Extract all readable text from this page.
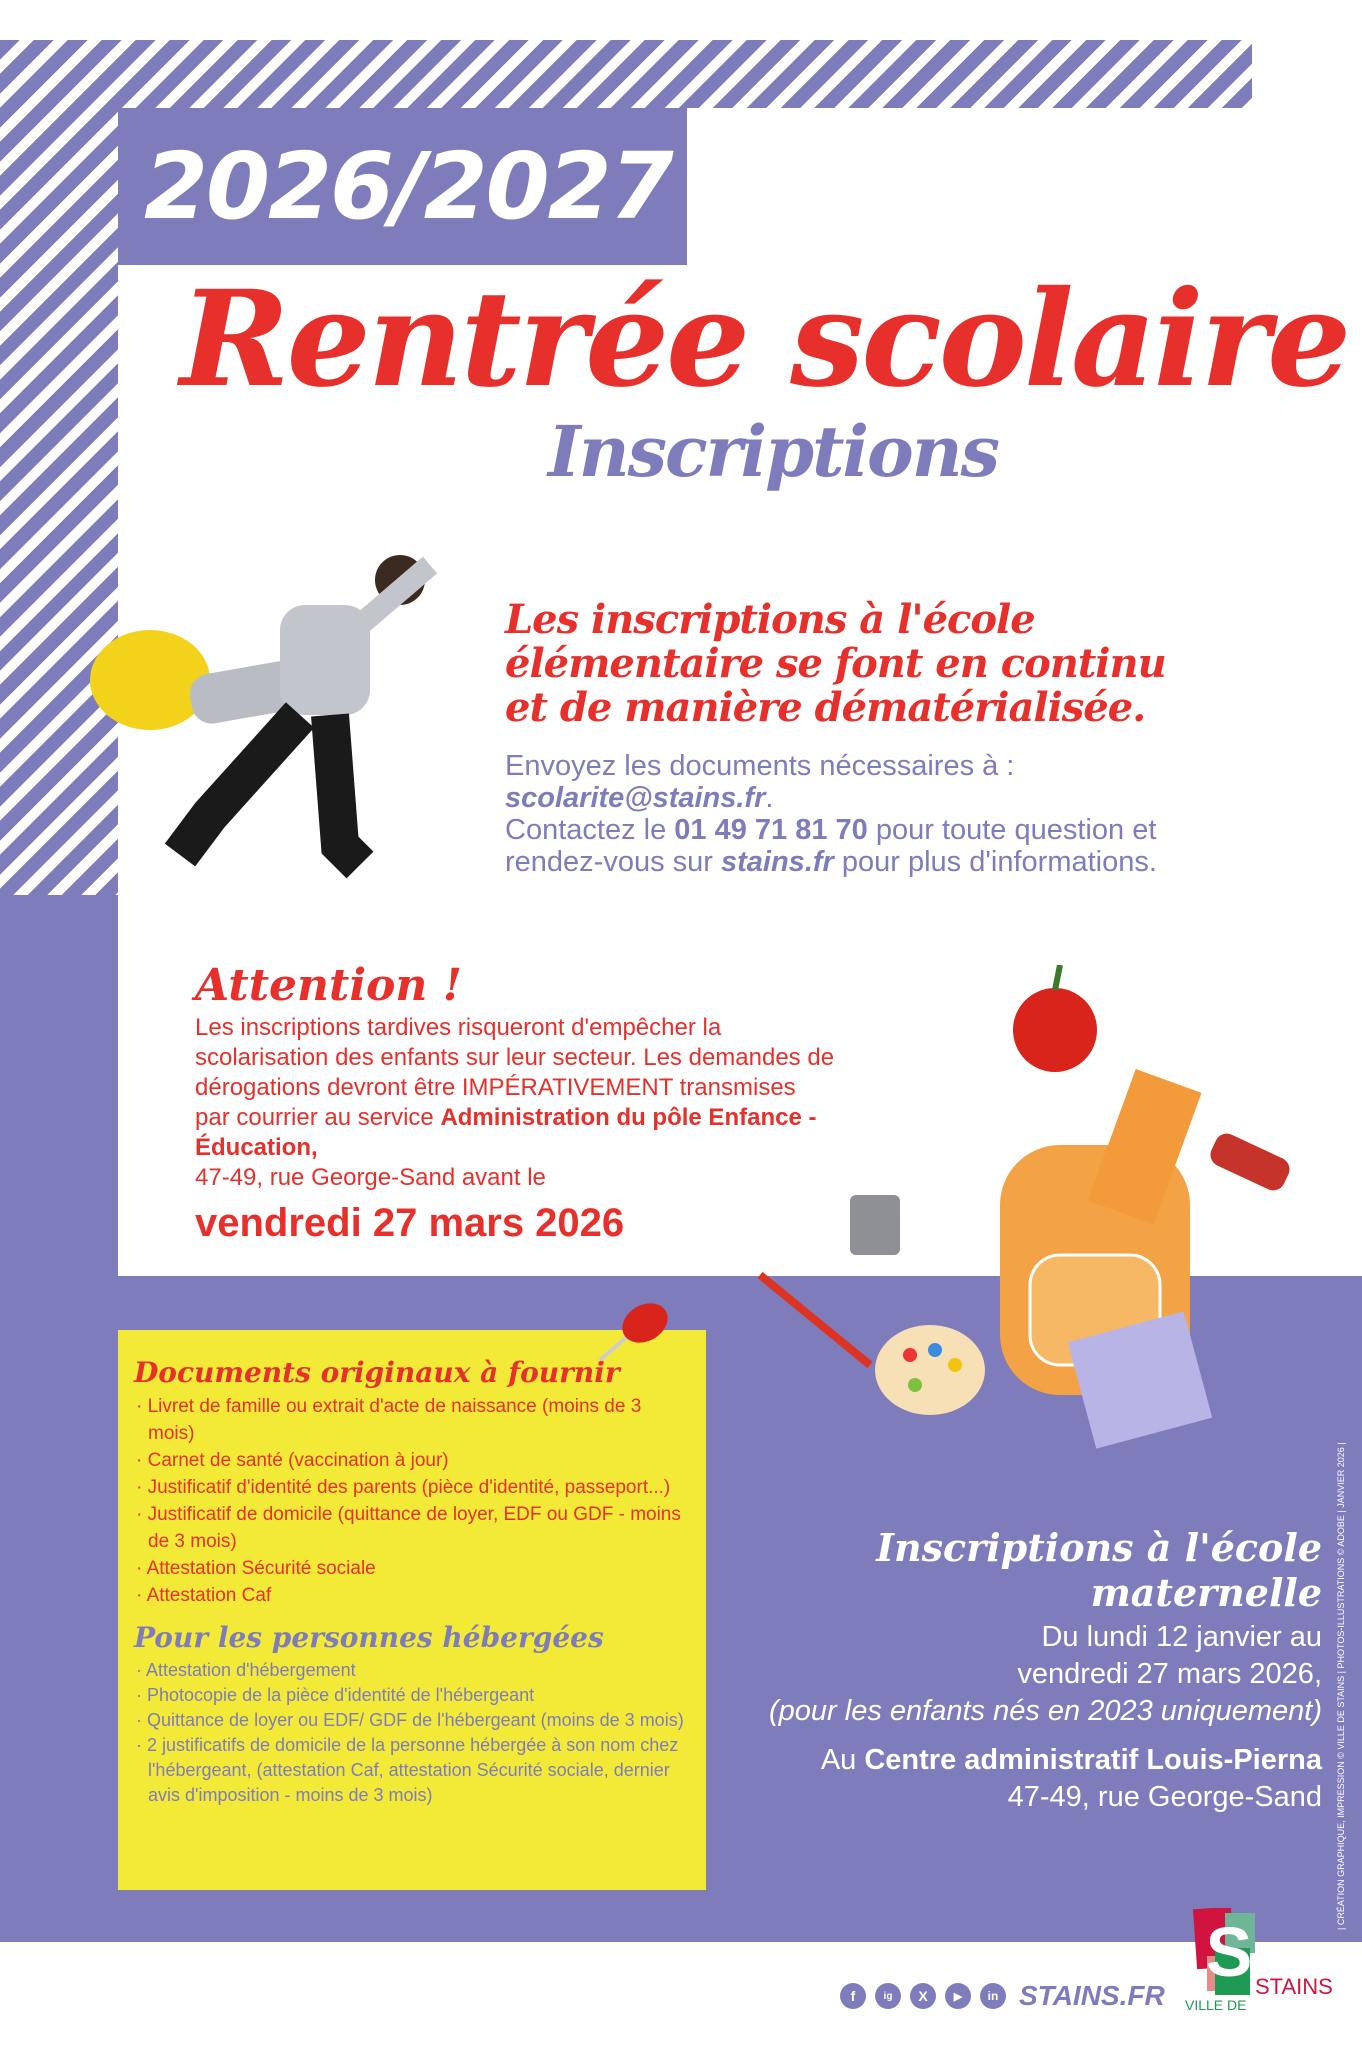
2026/2027
Rentrée scolaire
Inscriptions
Les inscriptions à l'école élémentaire se font en continu et de manière dématérialisée.
Envoyez les documents nécessaires à :
scolarite@stains.fr.
Contactez le 01 49 71 81 70 pour toute question et rendez-vous sur stains.fr pour plus d'informations.
Attention !

Les inscriptions tardives risqueront d'empêcher la scolarisation des enfants sur leur secteur. Les demandes de dérogations devront être IMPÉRATIVEMENT transmises par courrier au service Administration du pôle Enfance - Éducation,
47-49, rue George-Sand avant le

vendredi 27 mars 2026
Documents originaux à fournir
· Livret de famille ou extrait d'acte de naissance (moins de 3 mois)
· Carnet de santé (vaccination à jour)
· Justificatif d'identité des parents (pièce d'identité, passeport...)
· Justificatif de domicile (quittance de loyer, EDF ou GDF - moins de 3 mois)
· Attestation Sécurité sociale
· Attestation Caf
Pour les personnes hébergées
· Attestation d'hébergement
· Photocopie de la pièce d'identité de l'hébergeant
· Quittance de loyer ou EDF/ GDF de l'hébergeant (moins de 3 mois)
· 2 justificatifs de domicile de la personne hébergée à son nom chez l'hébergeant, (attestation Caf, attestation Sécurité sociale, dernier avis d'imposition - moins de 3 mois)
Inscriptions à l'école maternelle

Du lundi 12 janvier au

vendredi 27 mars 2026,

(pour les enfants nés en 2023 uniquement)

Au Centre administratif Louis-Pierna

47-49, rue George-Sand | CRÉATION GRAPHIQUE, IMPRESSION © VILLE DE STAINS | PHOTOS-ILLUSTRATIONS © ADOBE | JANVIER 2026 |
f	ig	X	▶	in STAINS.FR
S STAINS
VILLE DE
